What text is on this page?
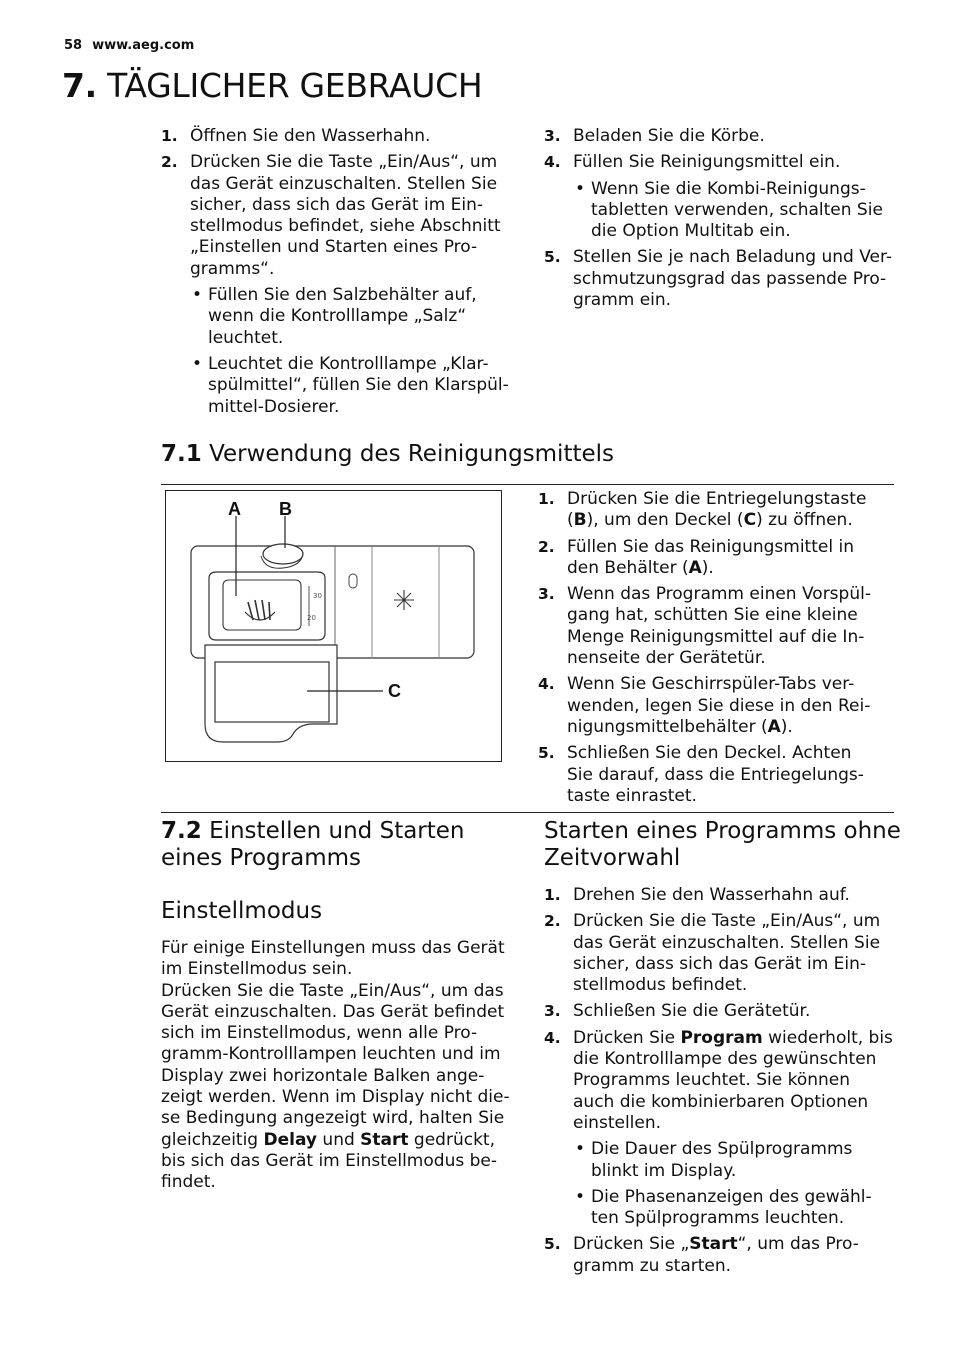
58 www.aeg.com
7. TÄGLICHER GEBRAUCH
1. Öffnen Sie den Wasserhahn.
2. Drücken Sie die Taste „Ein/Aus“, um
das Gerät einzuschalten. Stellen Sie
sicher, dass sich das Gerät im Ein-
stellmodus befindet, siehe Abschnitt
„Einstellen und Starten eines Pro-
gramms“.
• Füllen Sie den Salzbehälter auf,
wenn die Kontrolllampe „Salz“
leuchtet.
• Leuchtet die Kontrolllampe „Klar-
spülmittel“, füllen Sie den Klarspül-
mittel-Dosierer.
3. Beladen Sie die Körbe.
4. Füllen Sie Reinigungsmittel ein.
• Wenn Sie die Kombi-Reinigungs-
tabletten verwenden, schalten Sie
die Option Multitab ein.
5. Stellen Sie je nach Beladung und Ver-
schmutzungsgrad das passende Pro-
gramm ein.
7.1 Verwendung des Reinigungsmittels
30
20
A B
C
1. Drücken Sie die Entriegelungstaste
(B), um den Deckel (C) zu öffnen.
2. Füllen Sie das Reinigungsmittel in
den Behälter (A).
3. Wenn das Programm einen Vorspül-
gang hat, schütten Sie eine kleine
Menge Reinigungsmittel auf die In-
nenseite der Gerätetür.
4. Wenn Sie Geschirrspüler-Tabs ver-
wenden, legen Sie diese in den Rei-
nigungsmittelbehälter (A).
5. Schließen Sie den Deckel. Achten
Sie darauf, dass die Entriegelungs-
taste einrastet.
7.2 Einstellen und Starten
eines Programms
Einstellmodus
Für einige Einstellungen muss das Gerät
im Einstellmodus sein.
Drücken Sie die Taste „Ein/Aus“, um das
Gerät einzuschalten. Das Gerät befindet
sich im Einstellmodus, wenn alle Pro-
gramm-Kontrolllampen leuchten und im
Display zwei horizontale Balken ange-
zeigt werden. Wenn im Display nicht die-
se Bedingung angezeigt wird, halten Sie
gleichzeitig Delay und Start gedrückt,
bis sich das Gerät im Einstellmodus be-
findet.
Starten eines Programms ohne
Zeitvorwahl
1. Drehen Sie den Wasserhahn auf.
2. Drücken Sie die Taste „Ein/Aus“, um
das Gerät einzuschalten. Stellen Sie
sicher, dass sich das Gerät im Ein-
stellmodus befindet.
3. Schließen Sie die Gerätetür.
4. Drücken Sie Program wiederholt, bis
die Kontrolllampe des gewünschten
Programms leuchtet. Sie können
auch die kombinierbaren Optionen
einstellen.
• Die Dauer des Spülprogramms
blinkt im Display.
• Die Phasenanzeigen des gewähl-
ten Spülprogramms leuchten.
5. Drücken Sie „Start“, um das Pro-
gramm zu starten.
